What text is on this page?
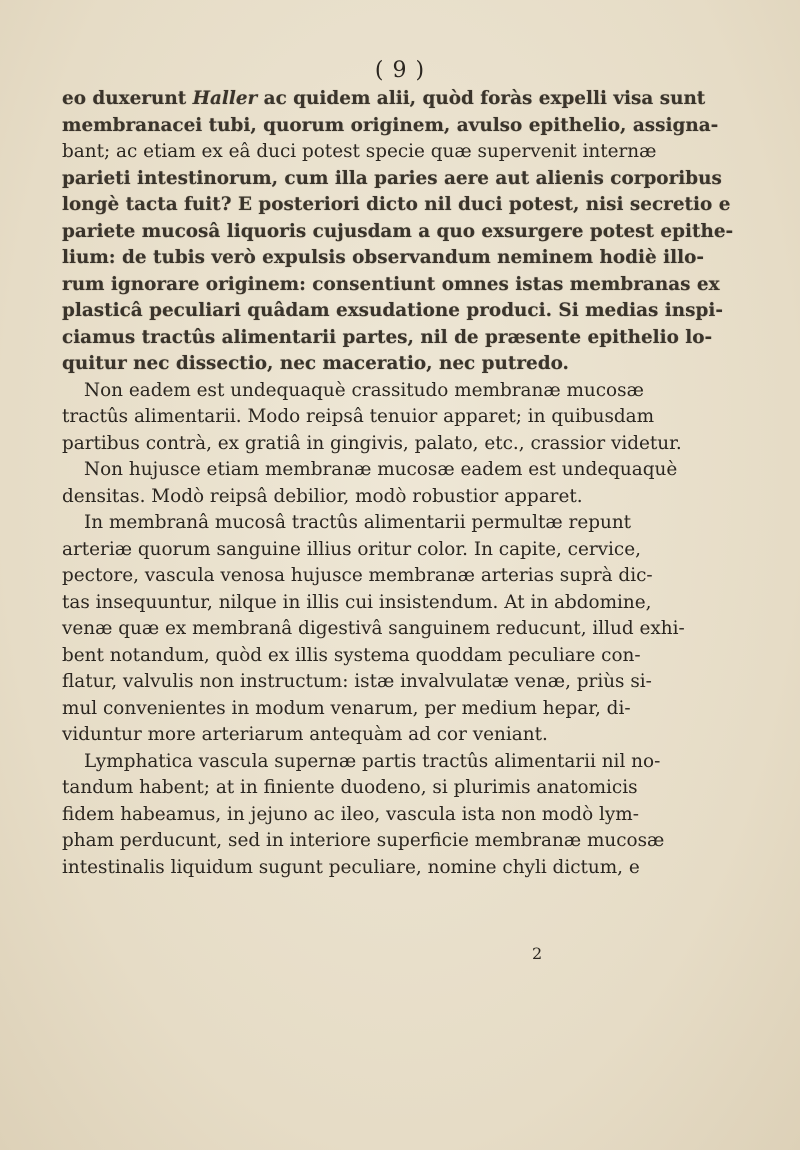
( 9 )
eo duxerunt Haller ac quidem alii, quòd foràs expelli visa sunt
membranacei tubi, quorum originem, avulso epithelio, assigna-
bant; ac etiam ex eâ duci potest specie quæ supervenit internæ
parieti intestinorum, cum illa paries aere aut alienis corporibus
longè tacta fuit? E posteriori dicto nil duci potest, nisi secretio e
pariete mucosâ liquoris cujusdam a quo exsurgere potest epithe-
lium: de tubis verò expulsis observandum neminem hodiè illo-
rum ignorare originem: consentiunt omnes istas membranas ex
plasticâ peculiari quâdam exsudatione produci. Si medias inspi-
ciamus tractûs alimentarii partes, nil de præsente epithelio lo-
quitur nec dissectio, nec maceratio, nec putredo.
Non eadem est undequaquè crassitudo membranæ mucosæ
tractûs alimentarii. Modo reipsâ tenuior apparet; in quibusdam
partibus contrà, ex gratiâ in gingivis, palato, etc., crassior videtur.
Non hujusce etiam membranæ mucosæ eadem est undequaquè
densitas. Modò reipsâ debilior, modò robustior apparet.
In membranâ mucosâ tractûs alimentarii permultæ repunt
arteriæ quorum sanguine illius oritur color. In capite, cervice,
pectore, vascula venosa hujusce membranæ arterias suprà dic-
tas insequuntur, nilque in illis cui insistendum. At in abdomine,
venæ quæ ex membranâ digestivâ sanguinem reducunt, illud exhi-
bent notandum, quòd ex illis systema quoddam peculiare con-
flatur, valvulis non instructum: istæ invalvulatæ venæ, priùs si-
mul convenientes in modum venarum, per medium hepar, di-
viduntur more arteriarum antequàm ad cor veniant.
Lymphatica vascula supernæ partis tractûs alimentarii nil no-
tandum habent; at in finiente duodeno, si plurimis anatomicis
fidem habeamus, in jejuno ac ileo, vascula ista non modò lym-
pham perducunt, sed in interiore superficie membranæ mucosæ
intestinalis liquidum sugunt peculiare, nomine chyli dictum, e
2
